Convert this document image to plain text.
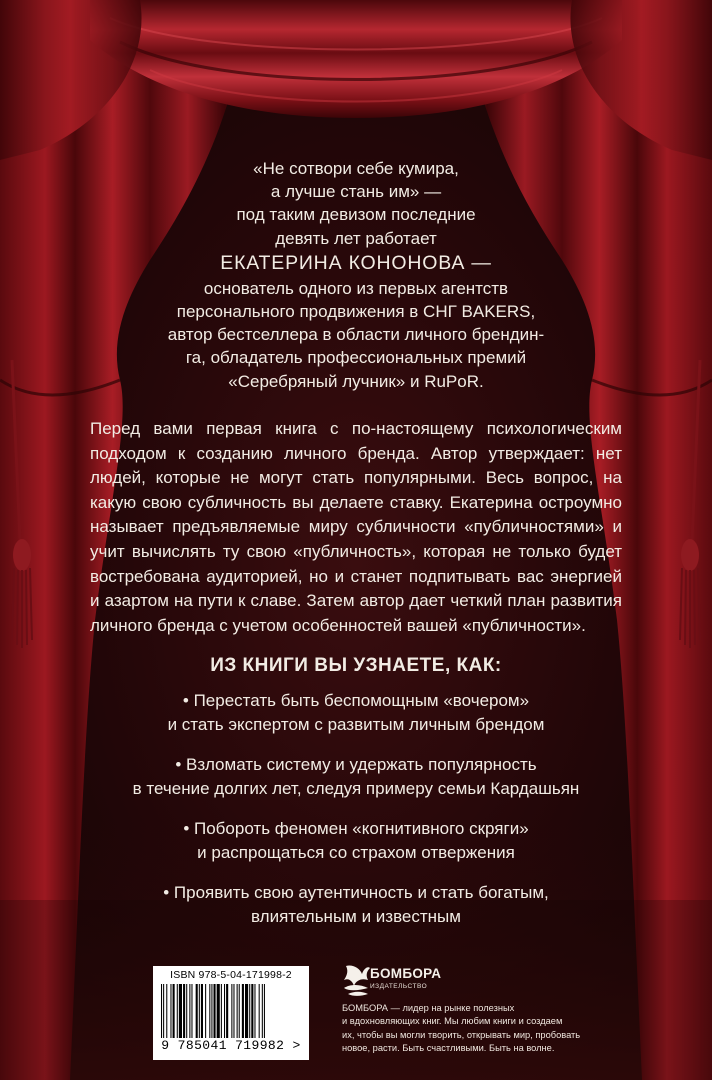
«Не сотвори себе кумира,
а лучше стань им» —
под таким девизом последние
девять лет работает
ЕКАТЕРИНА КОНОНОВА —
основатель одного из первых агентств
персонального продвижения в СНГ BAKERS,
автор бестселлера в области личного брендин-
га, обладатель профессиональных премий
«Серебряный лучник» и RuPoR.
Перед вами первая книга с по-настоящему психологическим подходом к созданию личного бренда. Автор утверждает: нет людей, которые не могут стать популярными. Весь вопрос, на какую свою субличность вы делаете ставку. Екатерина остроумно называет предъявляемые миру субличности «публичностями» и учит вычислять ту свою «публичность», которая не только будет востребована аудиторией, но и станет подпитывать вас энергией и азартом на пути к славе. Затем автор дает четкий план развития личного бренда с учетом особенностей вашей «публичности».
ИЗ КНИГИ ВЫ УЗНАЕТЕ, КАК:
• Перестать быть беспомощным «вочером»
и стать экспертом с развитым личным брендом
• Взломать систему и удержать популярность
в течение долгих лет, следуя примеру семьи Кардашьян
• Побороть феномен «когнитивного скряги»
и распрощаться со страхом отвержения
• Проявить свою аутентичность и стать богатым,
влиятельным и известным
ISBN 978-5-04-171998-2
9 785041 719982 >
БОМБОРА
ИЗДАТЕЛЬСТВО
БОМБОРА — лидер на рынке полезных
и вдохновляющих книг. Мы любим книги и создаем
их, чтобы вы могли творить, открывать мир, пробовать
новое, расти. Быть счастливыми. Быть на волне.
